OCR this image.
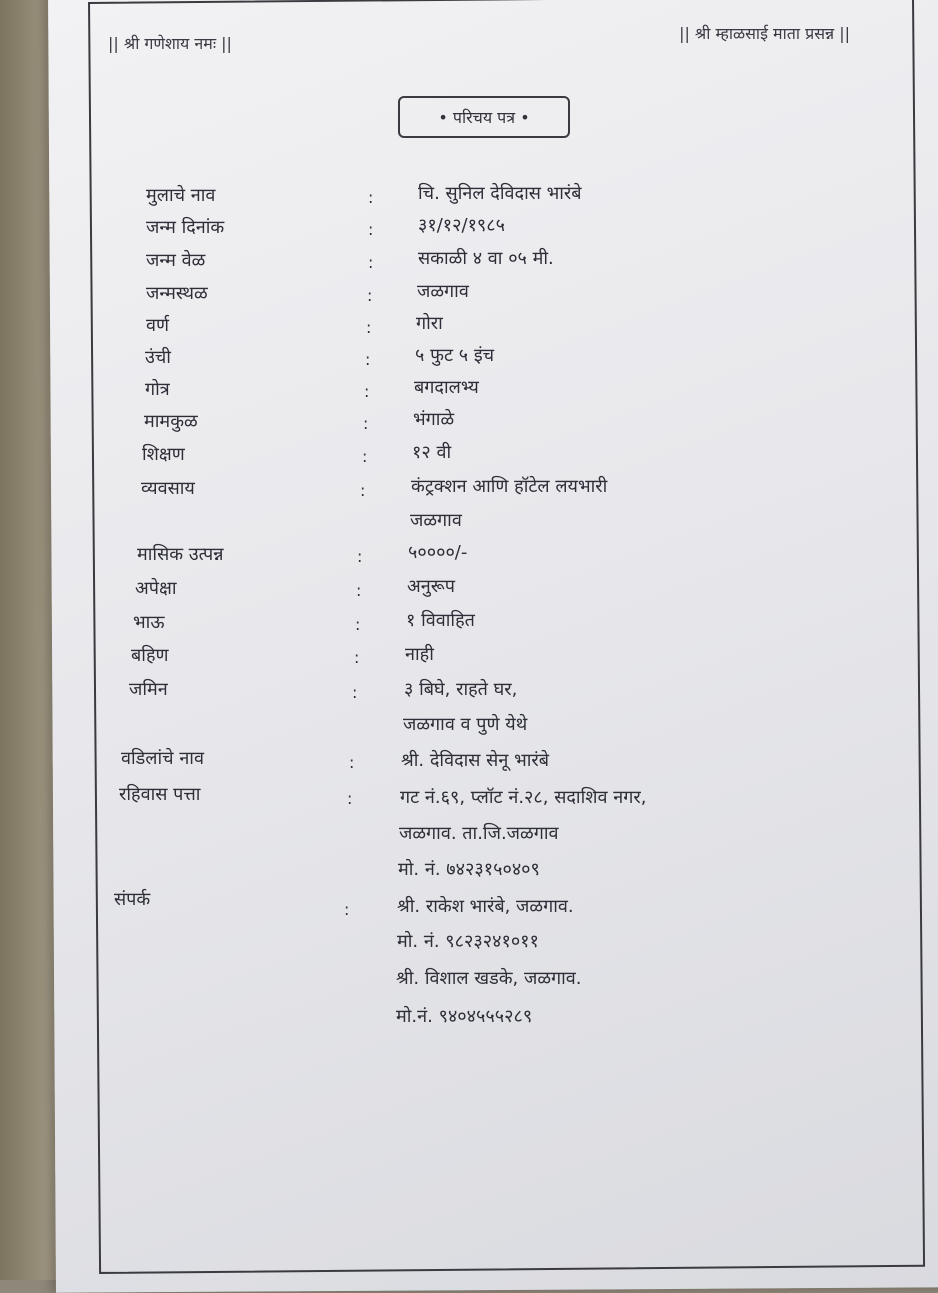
|| श्री गणेशाय नमः ||
|| श्री म्हाळसाई माता प्रसन्न ||
• परिचय पत्र •
मुलाचे नाव	: चि. सुनिल देविदास भारंबे
जन्म दिनांक	: ३१/१२/१९८५
जन्म वेळ	: सकाळी ४ वा ०५ मी.
जन्मस्थळ	: जळगाव
वर्ण	: गोरा
उंची	: ५ फुट ५ इंच
गोत्र	: बगदालभ्य
मामकुळ	: भंगाळे
शिक्षण	: १२ वी
व्यवसाय	:	कंट्रक्शन आणि हॉटेल लयभारी
जळगाव
मासिक उत्पन्न	:	५००००/-
अपेक्षा	:	अनुरूप
भाऊ	:	१ विवाहित
बहिण	:	नाही
जमिन	:	३ बिघे, राहते घर,
जळगाव व पुणे येथे
वडिलांचे नाव	:	श्री. देविदास सेनू भारंबे
रहिवास पत्ता	:	गट नं.६९, प्लॉट नं.२८, सदाशिव नगर,
जळगाव. ता.जि.जळगाव
मो. नं. ७४२३१५०४०९
संपर्क	:	श्री. राकेश भारंबे, जळगाव.
मो. नं. ९८२३२४१०११
श्री. विशाल खडके, जळगाव.
मो.नं. ९४०४५५५२८९
